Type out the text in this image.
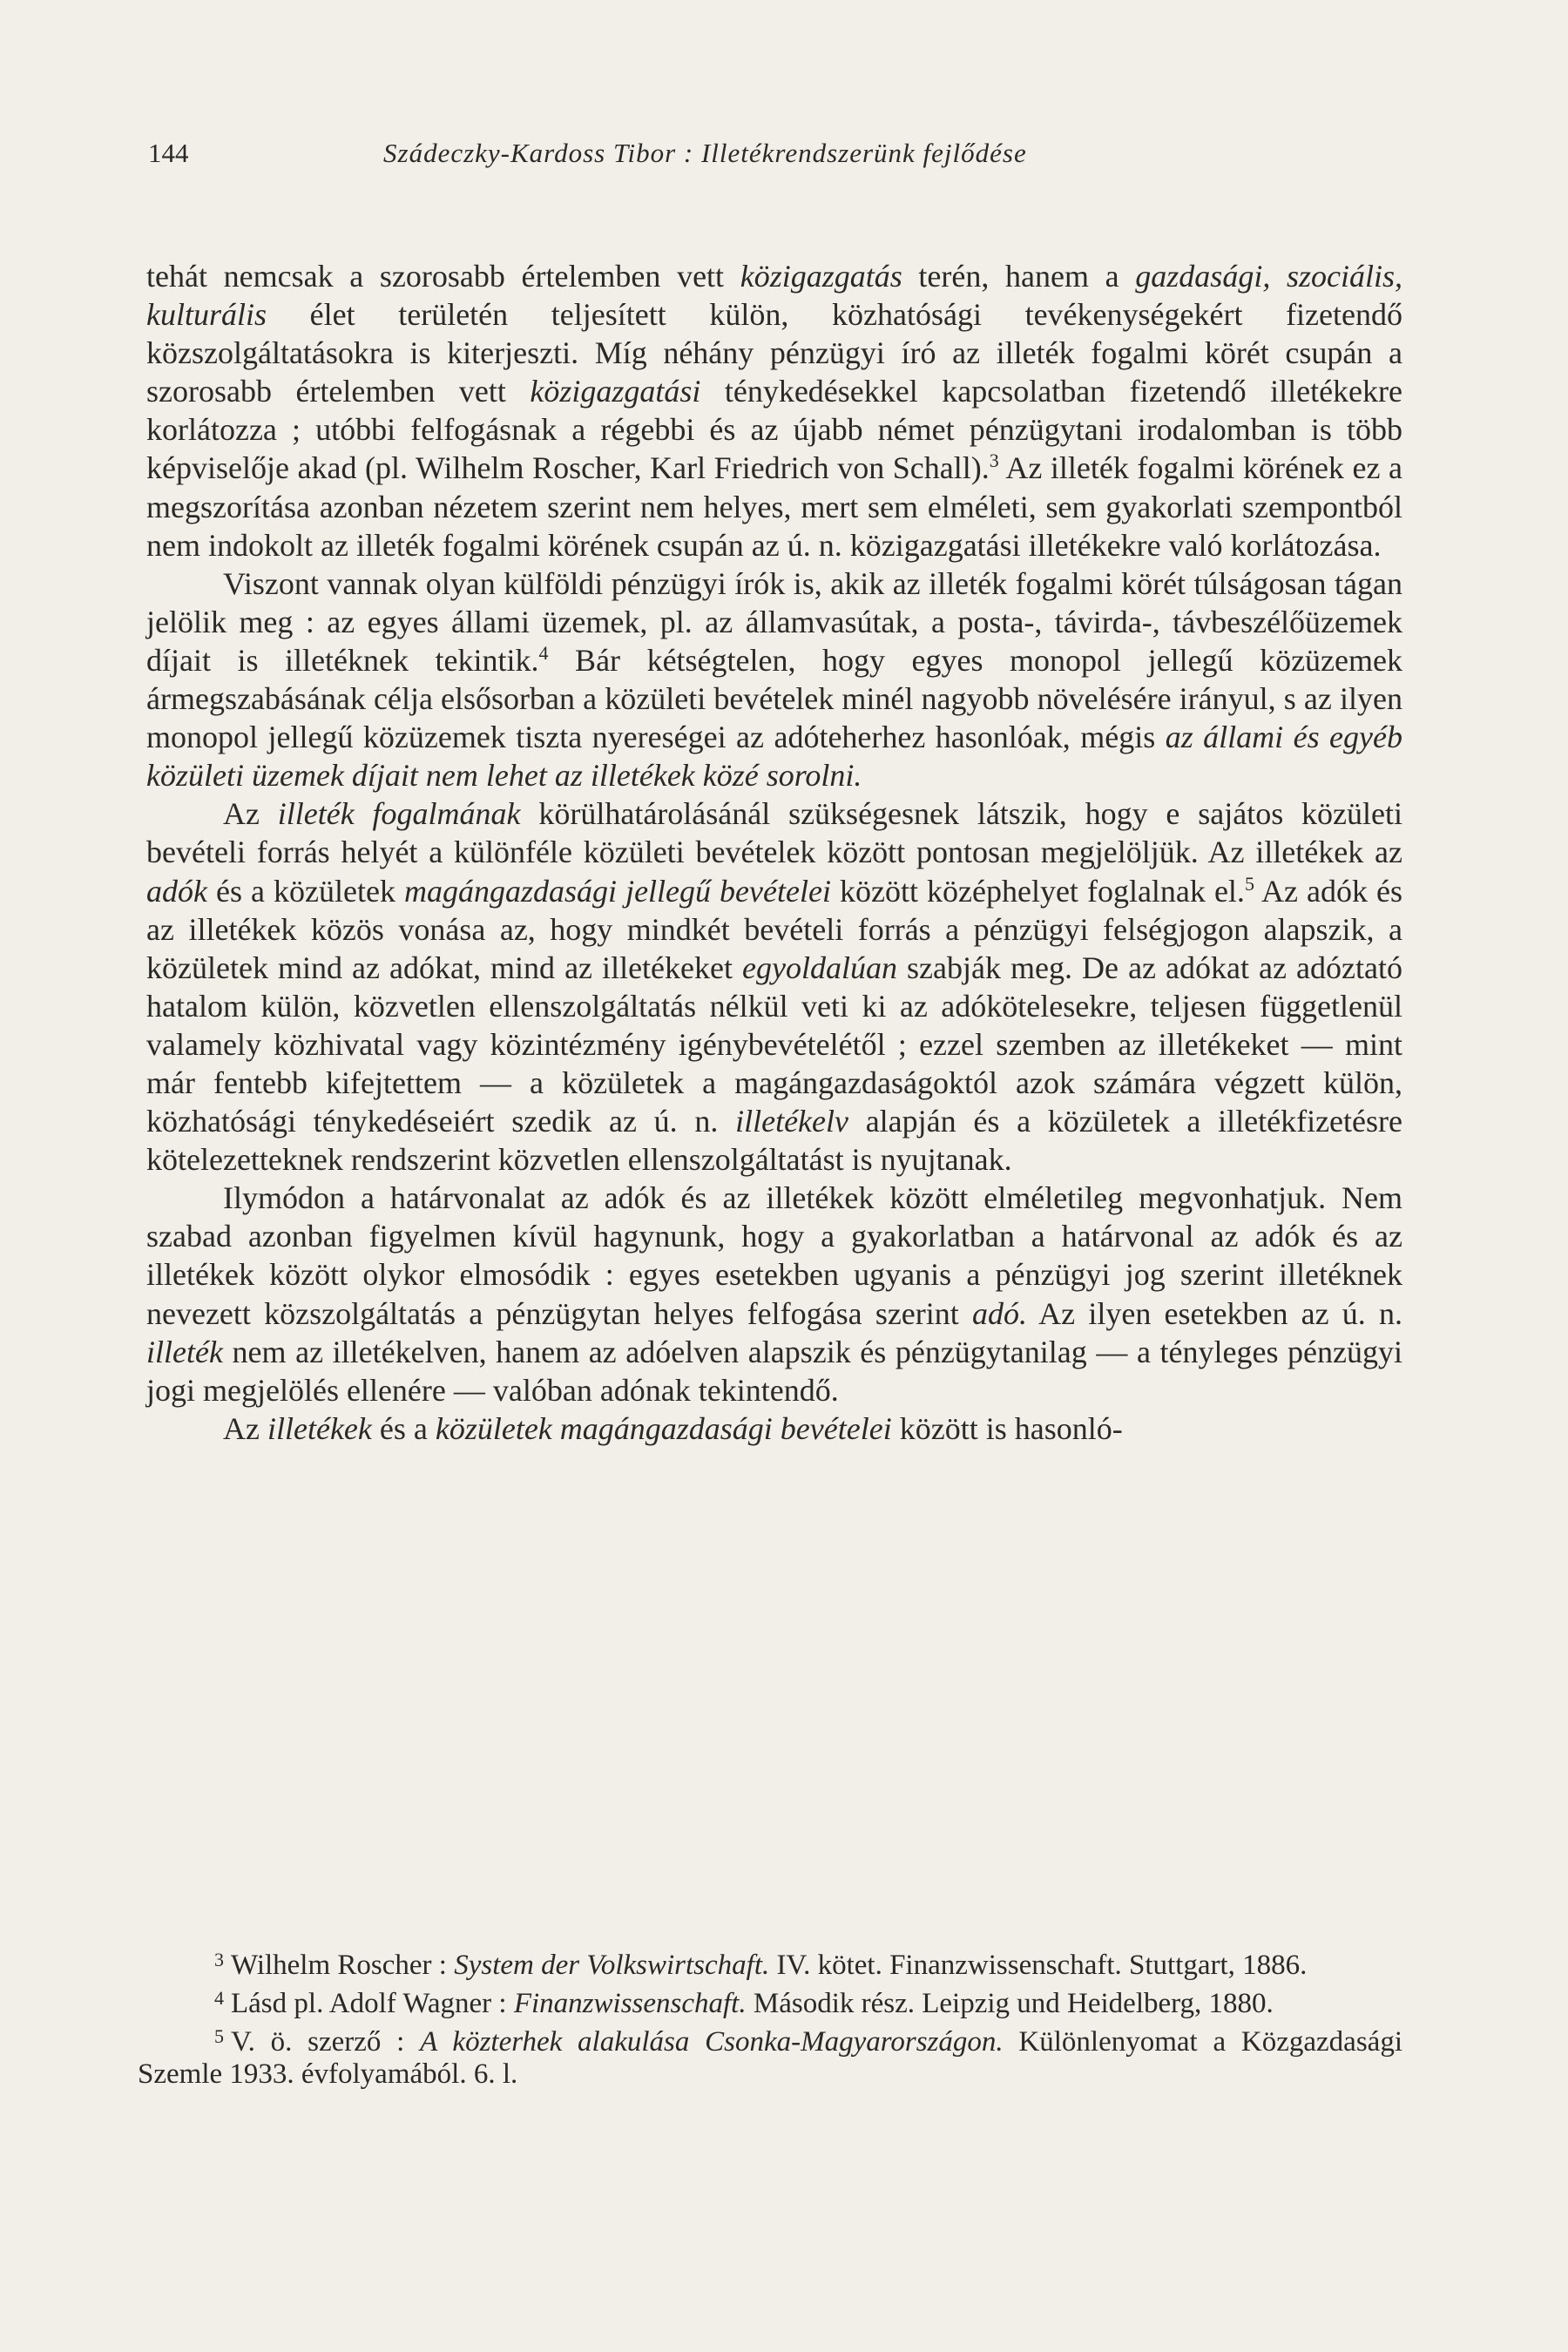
144	Szádeczky-Kardoss Tibor : Illetékrendszerünk fejlődése

tehát nemcsak a szorosabb értelemben vett közigazgatás terén, hanem a gazdasági, szociális, kulturális élet területén teljesített külön, közhatósági tevékenységekért fizetendő közszolgáltatásokra is kiterjeszti. Míg néhány pénzügyi író az illeték fogalmi körét csupán a szorosabb értelemben vett közigazgatási ténykedésekkel kapcsolatban fizetendő illetékekre korlátozza ; utóbbi felfogásnak a régebbi és az újabb német pénzügytani irodalomban is több képviselője akad (pl. Wilhelm Roscher, Karl Friedrich von Schall).$^3$ Az illeték fogalmi körének ez a megszorítása azonban nézetem szerint nem helyes, mert sem elméleti, sem gyakorlati szempontból nem indokolt az illeték fogalmi körének csupán az ú. n. közigazgatási illetékekre való korlátozása.

Viszont vannak olyan külföldi pénzügyi írók is, akik az illeték fogalmi körét túlságosan tágan jelölik meg : az egyes állami üzemek, pl. az államvasútak, a posta-, távirda-, távbeszélőüzemek díjait is illetéknek tekintik.$^4$ Bár kétségtelen, hogy egyes monopol jellegű közüzemek ármegszabásának célja elsősorban a közületi bevételek minél nagyobb növelésére irányul, s az ilyen monopol jellegű közüzemek tiszta nyereségei az adóteherhez hasonlóak, mégis az állami és egyéb közületi üzemek díjait nem lehet az illetékek közé sorolni.

Az illeték fogalmának körülhatárolásánál szükségesnek látszik, hogy e sajátos közületi bevételi forrás helyét a különféle közületi bevételek között pontosan megjelöljük. Az illetékek az adók és a közületek magángazdasági jellegű bevételei között középhelyet foglalnak el.$^5$ Az adók és az illetékek közös vonása az, hogy mindkét bevételi forrás a pénzügyi felségjogon alapszik, a közületek mind az adókat, mind az illetékeket egyoldalúan szabják meg. De az adókat az adóztató hatalom külön, közvetlen ellenszolgáltatás nélkül veti ki az adókötelesekre, teljesen függetlenül valamely közhivatal vagy közintézmény igénybevételétől ; ezzel szemben az illetékeket — mint már fentebb kifejtettem — a közületek a magángazdaságoktól azok számára végzett külön, közhatósági ténykedéseiért szedik az ú. n. illetékelv alapján és a közületek a illetékfizetésre kötelezetteknek rendszerint közvetlen ellenszolgáltatást is nyujtanak.

Ilymódon a határvonalat az adók és az illetékek között elméletileg megvonhatjuk. Nem szabad azonban figyelmen kívül hagynunk, hogy a gyakorlatban a határvonal az adók és az illetékek között olykor elmosódik : egyes esetekben ugyanis a pénzügyi jog szerint illetéknek nevezett közszolgáltatás a pénzügytan helyes felfogása szerint adó. Az ilyen esetekben az ú. n. illeték nem az illetékelven, hanem az adóelven alapszik és pénzügytanilag — a tényleges pénzügyi jogi megjelölés ellenére — valóban adónak tekintendő.

Az illetékek és a közületek magángazdasági bevételei között is hasonló-

$^3$ Wilhelm Roscher : System der Volkswirtschaft. IV. kötet. Finanzwissenschaft. Stuttgart, 1886.

$^4$ Lásd pl. Adolf Wagner : Finanzwissenschaft. Második rész. Leipzig und Heidelberg, 1880.

$^5$ V. ö. szerző : A közterhek alakulása Csonka-Magyarországon. Különlenyomat a Közgazdasági Szemle 1933. évfolyamából. 6. l.
